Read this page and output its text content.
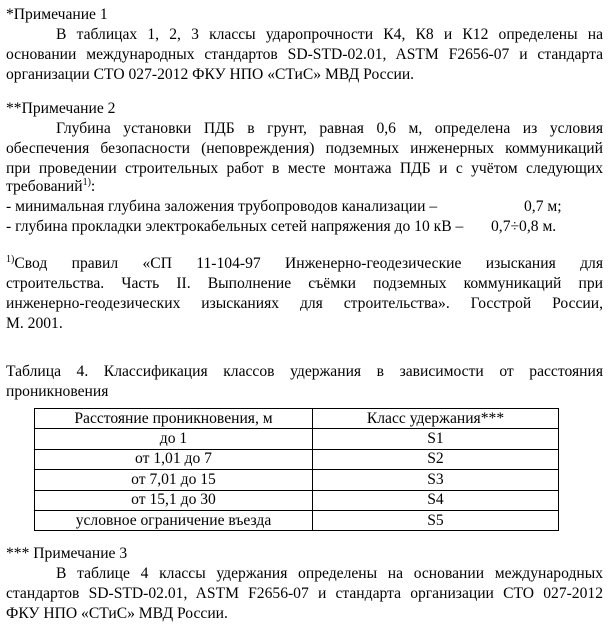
*Примечание 1
В таблицах 1, 2, 3 классы ударопрочности К4, К8 и К12 определены на
основании международных стандартов SD-STD-02.01, ASTM F2656-07 и стандарта
организации СТО 027-2012 ФКУ НПО «СТиС» МВД России.
**Примечание 2
Глубина установки ПДБ в грунт, равная 0,6 м, определена из условия
обеспечения безопасности (неповреждения) подземных инженерных коммуникаций
при проведении строительных работ в месте монтажа ПДБ и с учётом следующих
требований$^{1)}$:
- минимальная глубина заложения трубопроводов канализации –	0,7 м;
- глубина прокладки электрокабельных сетей напряжения до 10 кВ – 0,7÷0,8 м.
$^{1)}$Свод правил «СП 11-104-97 Инженерно-геодезические изыскания для
строительства. Часть II. Выполнение съёмки подземных коммуникаций при
инженерно-геодезических изысканиях для строительства». Госстрой России,
М. 2001.
Таблица 4. Классификация классов удержания в зависимости от расстояния
проникновения
Расстояние проникновения, м	Класс удержания***
до 1	S1
от 1,01 до 7	S2
от 7,01 до 15	S3
от 15,1 до 30	S4
условное ограничение въезда	S5
*** Примечание 3
В таблице 4 классы удержания определены на основании международных
стандартов SD-STD-02.01, ASTM F2656-07 и стандарта организации СТО 027-2012
ФКУ НПО «СТиС» МВД России.
